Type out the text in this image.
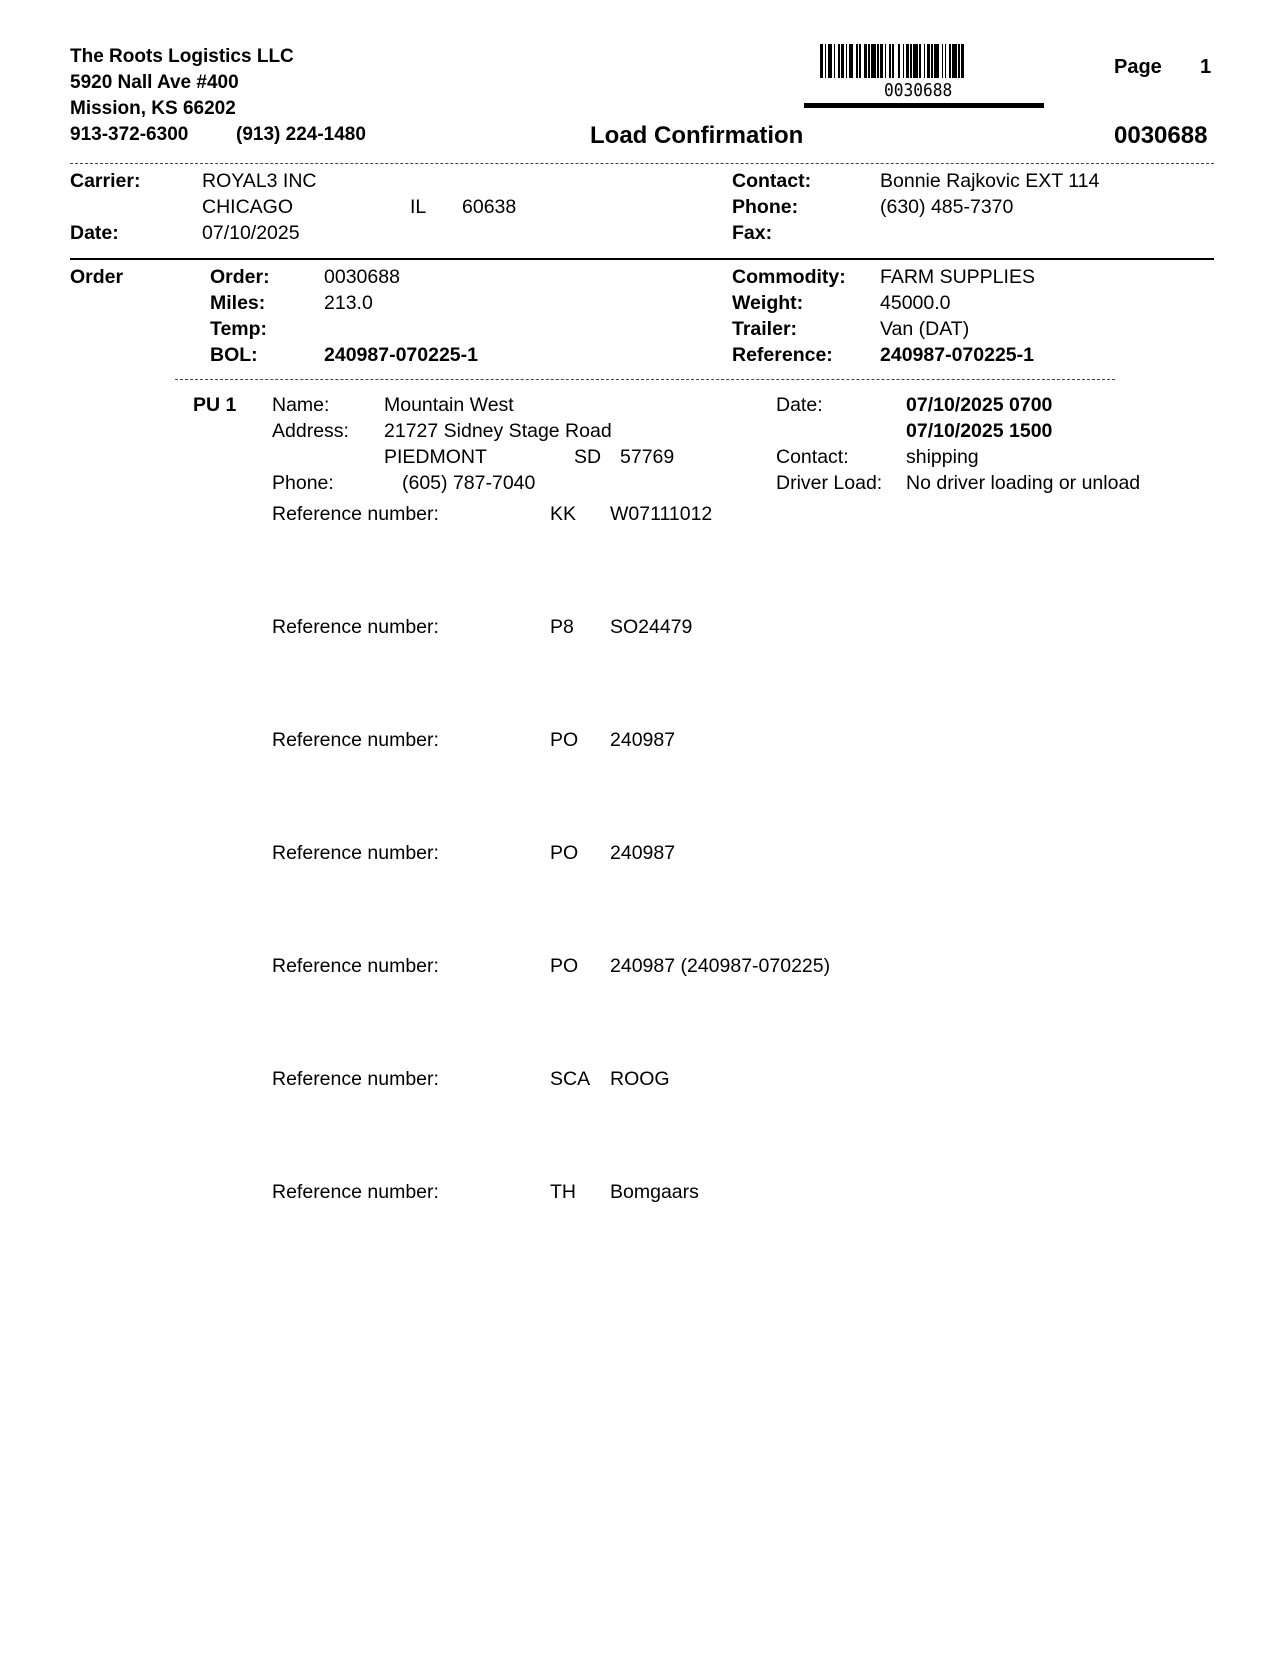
The Roots Logistics LLC
5920 Nall Ave #400
Mission, KS 66202
913-372-6300	(913) 224-1480
0030688
Page 1
Load Confirmation	0030688
Carrier:	ROYAL3 INC
CHICAGO	IL 60638
Date:	07/10/2025
Contact:	Bonnie Rajkovic EXT 114
Phone:	(630) 485-7370
Fax:
Order	Order:	0030688
Miles:	213.0
Temp:
BOL:	240987-070225-1
Commodity: FARM SUPPLIES
Weight:	45000.0
Trailer:	Van (DAT)
Reference: 240987-070225-1
PU 1 Name:	Mountain West
Address: 21727 Sidney Stage Road
PIEDMONT	SD 57769
Phone:	(605) 787-7040
Date:	07/10/2025 0700
07/10/2025 1500
Contact:	shipping
Driver Load: No driver loading or unload
Reference number:	KK W07111012
Reference number:	P8 SO24479
Reference number:	PO 240987
Reference number:	PO 240987
Reference number:	PO 240987 (240987-070225)
Reference number:	SCA ROOG
Reference number:	TH Bomgaars
